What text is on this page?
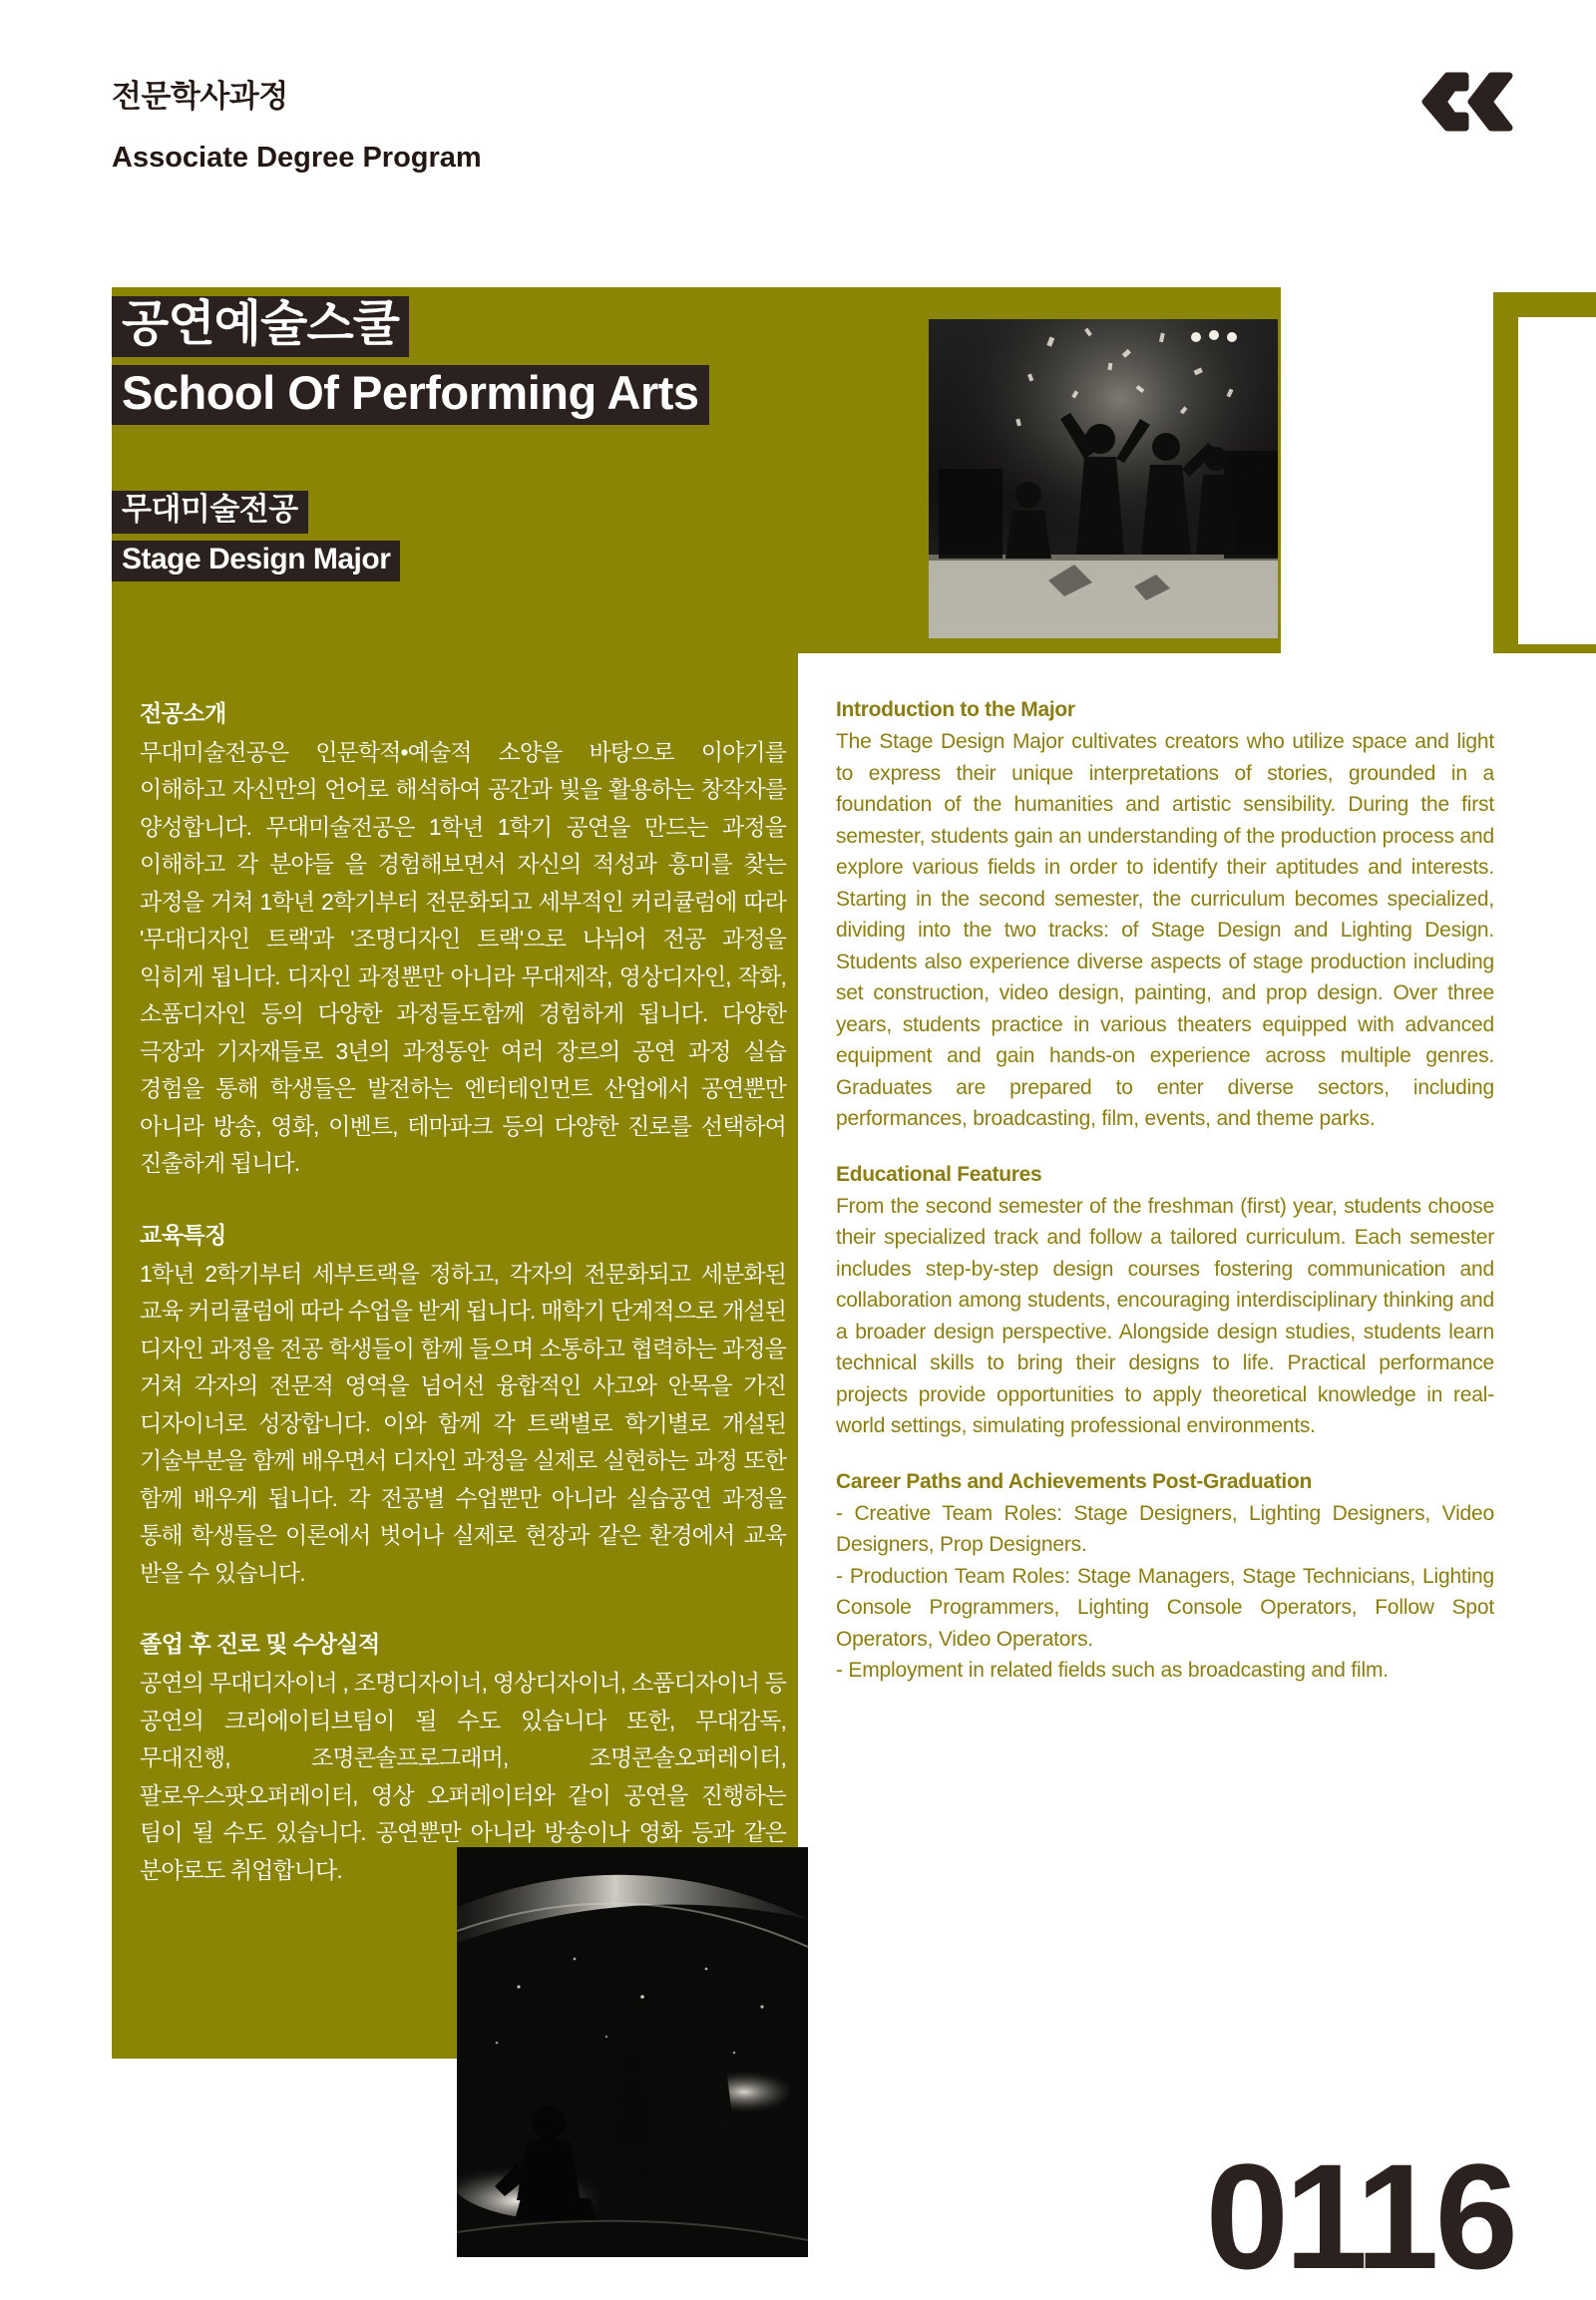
전문학사과정
Associate Degree Program
공연예술스쿨
School Of Performing Arts
무대미술전공
Stage Design Major
전공소개

무대미술전공은 인문학적•예술적 소양을 바탕으로 이야기를 이해하고 자신만의 언어로 해석하여 공간과 빛을 활용하는 창작자를 양성합니다. 무대미술전공은 1학년 1학기 공연을 만드는 과정을 이해하고 각 분야들 을 경험해보면서 자신의 적성과 흥미를 찾는 과정을 거쳐 1학년 2학기부터 전문화되고 세부적인 커리큘럼에 따라 '무대디자인 트랙'과 '조명디자인 트랙'으로 나뉘어 전공 과정을 익히게 됩니다. 디자인 과정뿐만 아니라 무대제작, 영상디자인, 작화, 소품디자인 등의 다양한 과정들도함께 경험하게 됩니다. 다양한 극장과 기자재들로 3년의 과정동안 여러 장르의 공연 과정 실습 경험을 통해 학생들은 발전하는 엔터테인먼트 산업에서 공연뿐만 아니라 방송, 영화, 이벤트, 테마파크 등의 다양한 진로를 선택하여 진출하게 됩니다.

교육특징

1학년 2학기부터 세부트랙을 정하고, 각자의 전문화되고 세분화된 교육 커리큘럼에 따라 수업을 받게 됩니다. 매학기 단계적으로 개설된 디자인 과정을 전공 학생들이 함께 들으며 소통하고 협력하는 과정을 거쳐 각자의 전문적 영역을 넘어선 융합적인 사고와 안목을 가진 디자이너로 성장합니다. 이와 함께 각 트랙별로 학기별로 개설된 기술부분을 함께 배우면서 디자인 과정을 실제로 실현하는 과정 또한 함께 배우게 됩니다. 각 전공별 수업뿐만 아니라 실습공연 과정을 통해 학생들은 이론에서 벗어나 실제로 현장과 같은 환경에서 교육 받을 수 있습니다.

졸업 후 진로 및 수상실적

공연의 무대디자이너 , 조명디자이너, 영상디자이너, 소품디자이너 등 공연의 크리에이티브팀이 될 수도 있습니다 또한, 무대감독, 무대진행, 조명콘솔프로그래머, 조명콘솔오퍼레이터, 팔로우스팟오퍼레이터, 영상 오퍼레이터와 같이 공연을 진행하는 팀이 될 수도 있습니다. 공연뿐만 아니라 방송이나 영화 등과 같은 분야로도 취업합니다.

Introduction to the Major

The Stage Design Major cultivates creators who utilize space and light to express their unique interpretations of stories, grounded in a foundation of the humanities and artistic sensibility. During the first semester, students gain an understanding of the production process and explore various fields in order to identify their aptitudes and interests. Starting in the second semester, the curriculum becomes specialized, dividing into the two tracks: of Stage Design and Lighting Design. Students also experience diverse aspects of stage production including set construction, video design, painting, and prop design. Over three years, students practice in various theaters equipped with advanced equipment and gain hands-on experience across multiple genres. Graduates are prepared to enter diverse sectors, including performances, broadcasting, film, events, and theme parks.

Educational Features

From the second semester of the freshman (first) year, students choose their specialized track and follow a tailored curriculum. Each semester includes step-by-step design courses fostering communication and collaboration among students, encouraging interdisciplinary thinking and a broader design perspective. Alongside design studies, students learn technical skills to bring their designs to life. Practical performance projects provide opportunities to apply theoretical knowledge in real-world settings, simulating professional environments.

Career Paths and Achievements Post-Graduation

- Creative Team Roles: Stage Designers, Lighting Designers, Video Designers, Prop Designers.

- Production Team Roles: Stage Managers, Stage Technicians, Lighting Console Programmers, Lighting Console Operators, Follow Spot Operators, Video Operators.

- Employment in related fields such as broadcasting and film.

0116
